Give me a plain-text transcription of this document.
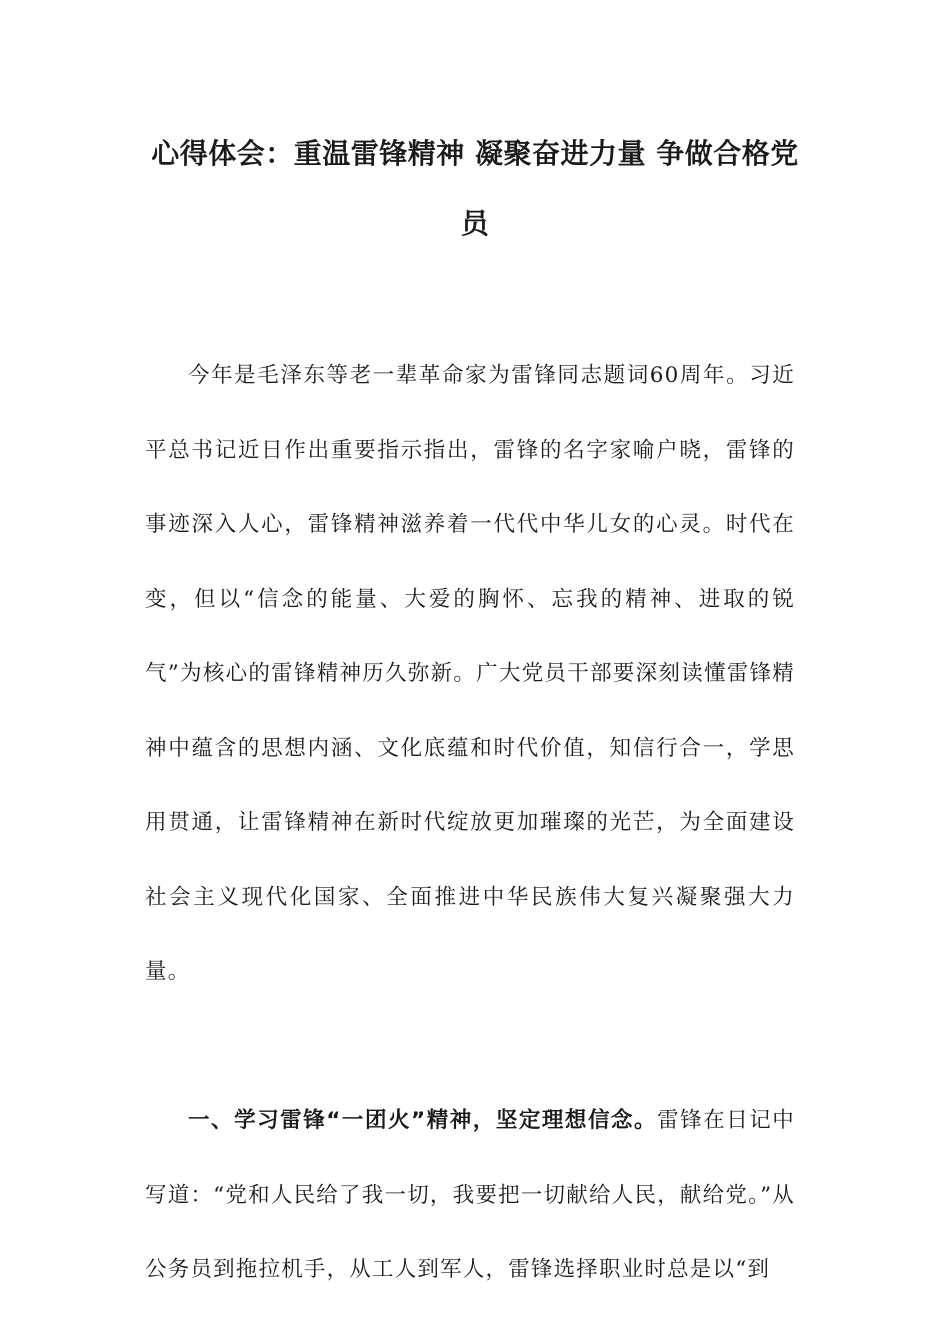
心得体会：重温雷锋精神 凝聚奋进力量 争做合格党员

今年是毛泽东等老一辈革命家为雷锋同志题词60周年。习近平总书记近日作出重要指示指出，雷锋的名字家喻户晓，雷锋的事迹深入人心，雷锋精神滋养着一代代中华儿女的心灵。时代在变，但以“信念的能量、大爱的胸怀、忘我的精神、进取的锐气”为核心的雷锋精神历久弥新。广大党员干部要深刻读懂雷锋精神中蕴含的思想内涵、文化底蕴和时代价值，知信行合一，学思用贯通，让雷锋精神在新时代绽放更加璀璨的光芒，为全面建设社会主义现代化国家、全面推进中华民族伟大复兴凝聚强大力量。

一、学习雷锋“一团火”精神，坚定理想信念。雷锋在日记中写道：“党和人民给了我一切，我要把一切献给人民，献给党。”从公务员到拖拉机手，从工人到军人，雷锋选择职业时总是以“到
